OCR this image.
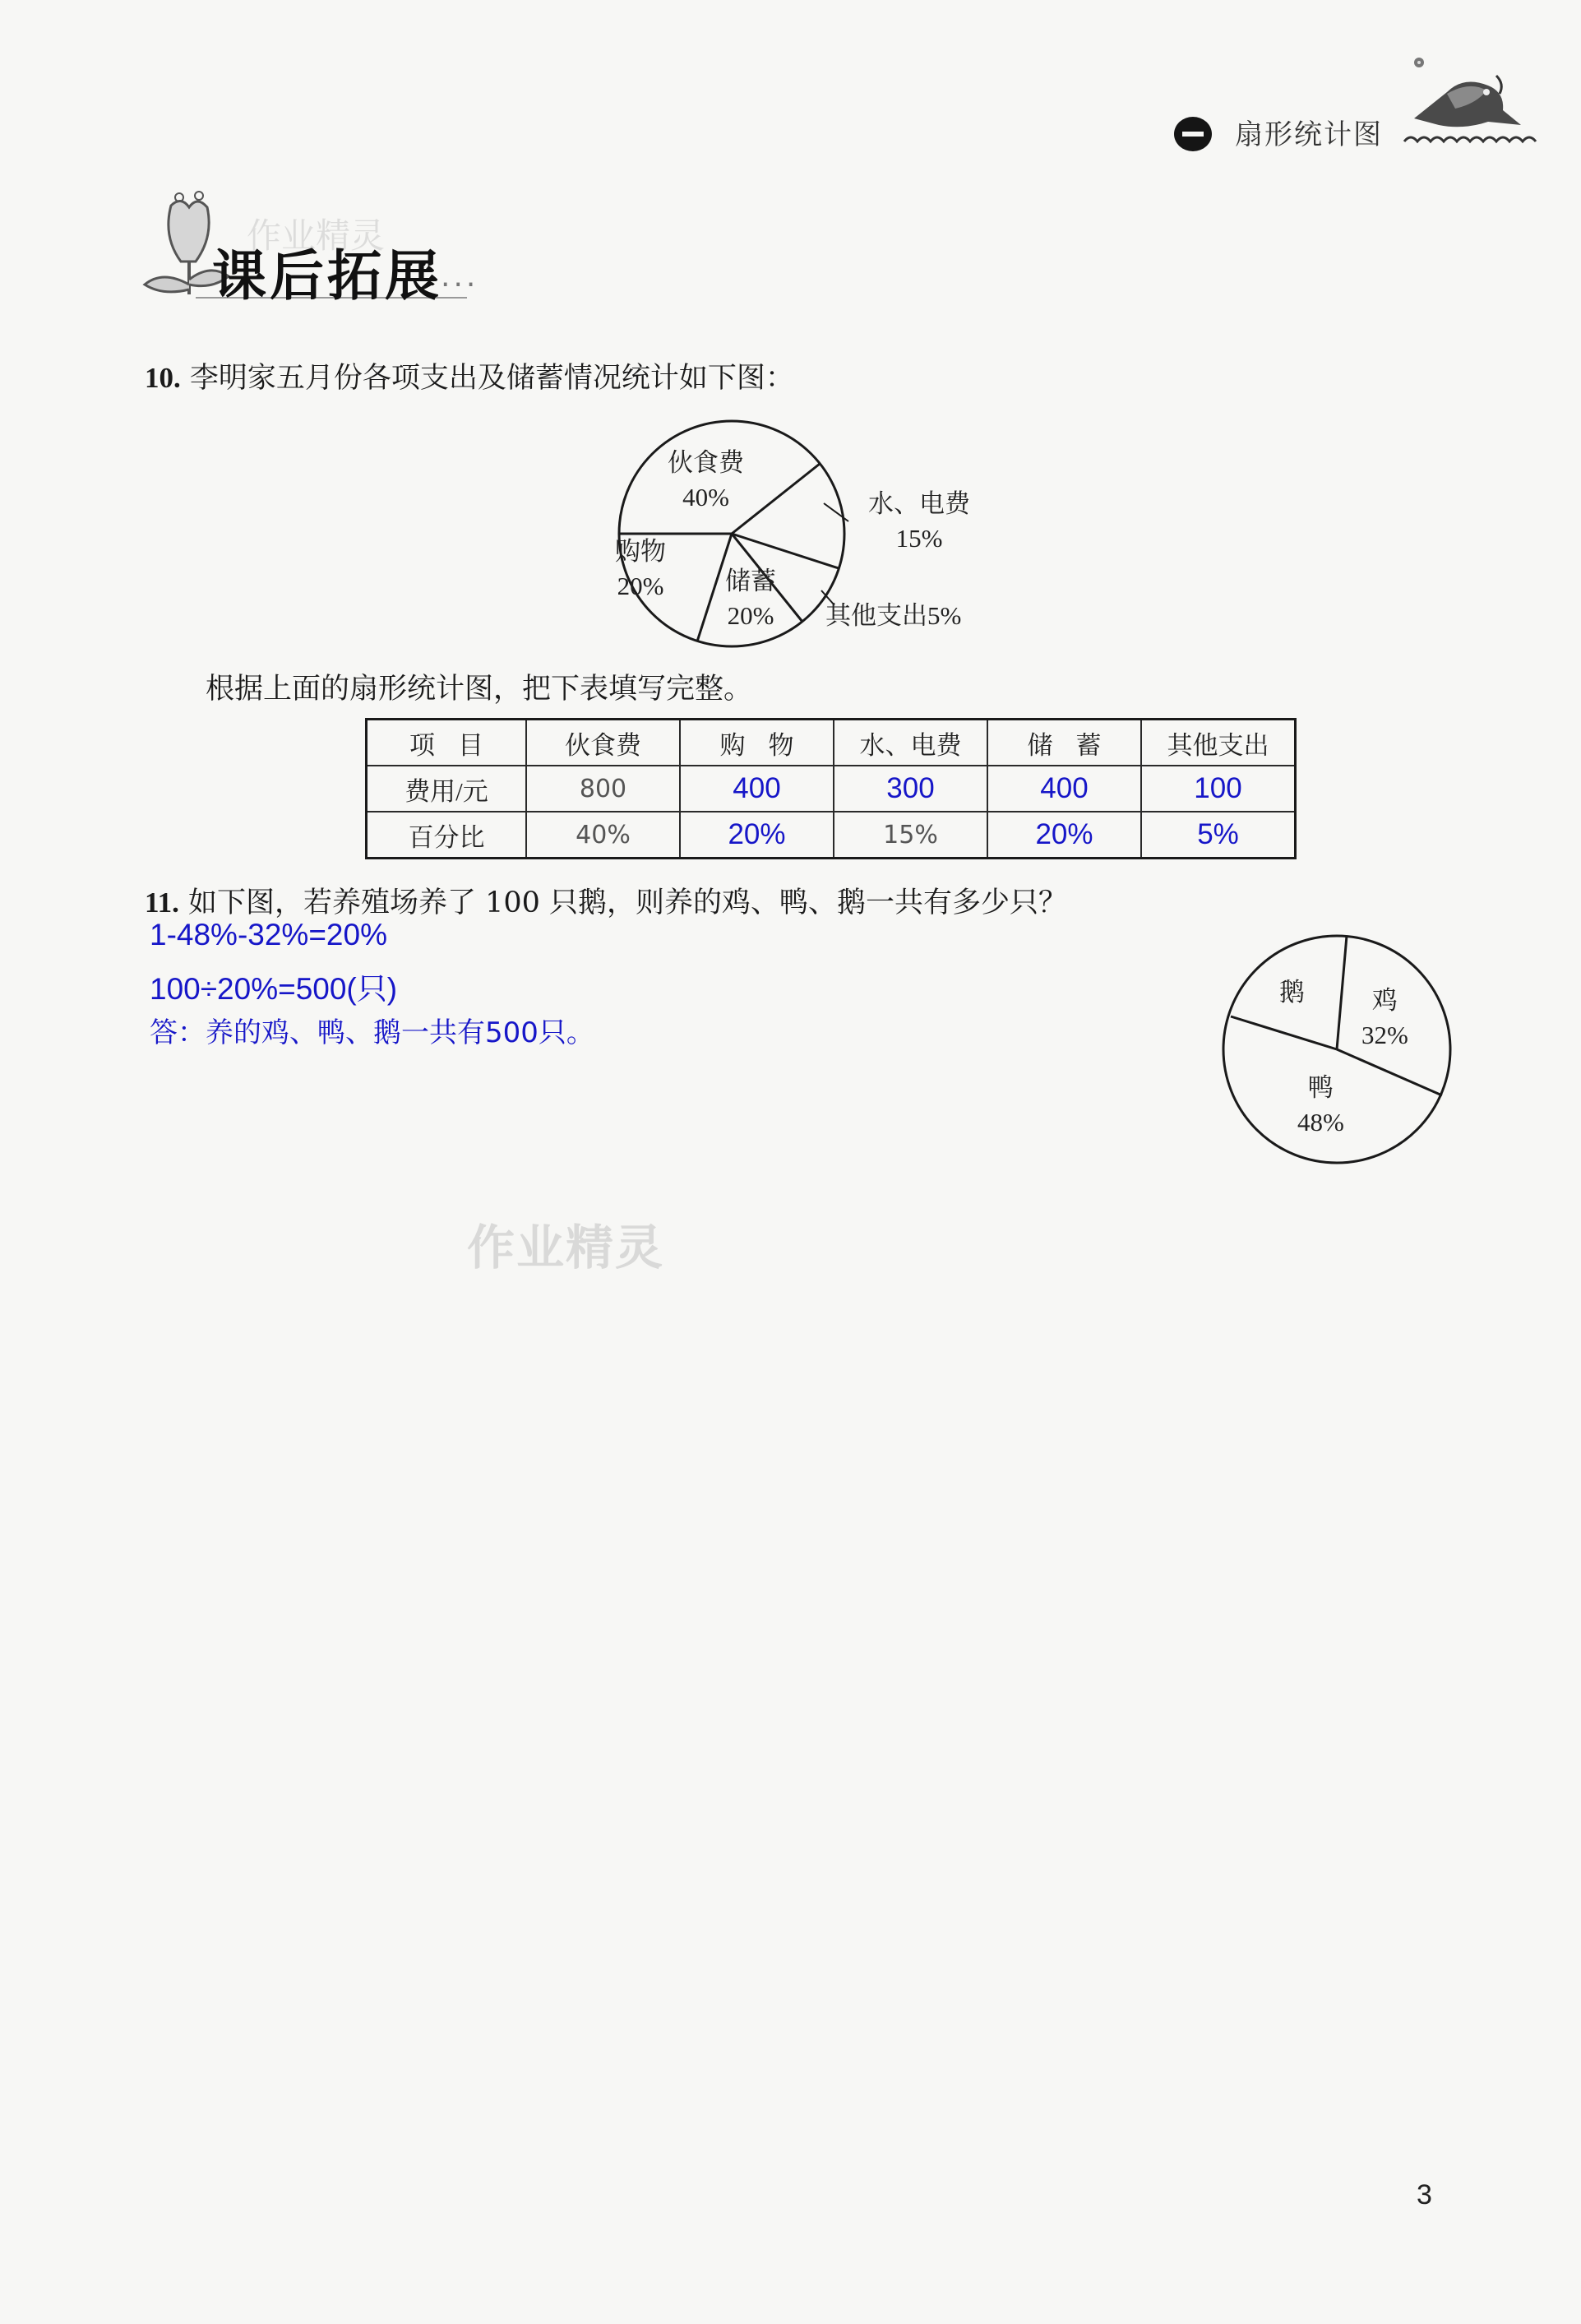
扇形统计图
作业精灵
课后拓展
...
10. 李明家五月份各项支出及储蓄情况统计如下图：
伙食费
40%	水、电费
15%
购物
20% 储蓄
20% 其他支出5%
根据上面的扇形统计图，把下表填写完整。
项目	伙食费	购物	水、电费	储蓄	其他支出
费用/元	800	400	300	400	100
百分比	40%	20%	15%	20%	5%
11. 如下图，若养殖场养了 100 只鹅，则养的鸡、鸭、鹅一共有多少只？
1-48%-32%=20%
100÷20%=500(只)
答：养的鸡、鸭、鹅一共有500只。
鹅	鸡
32%
鸭
48%
作业精灵
3
